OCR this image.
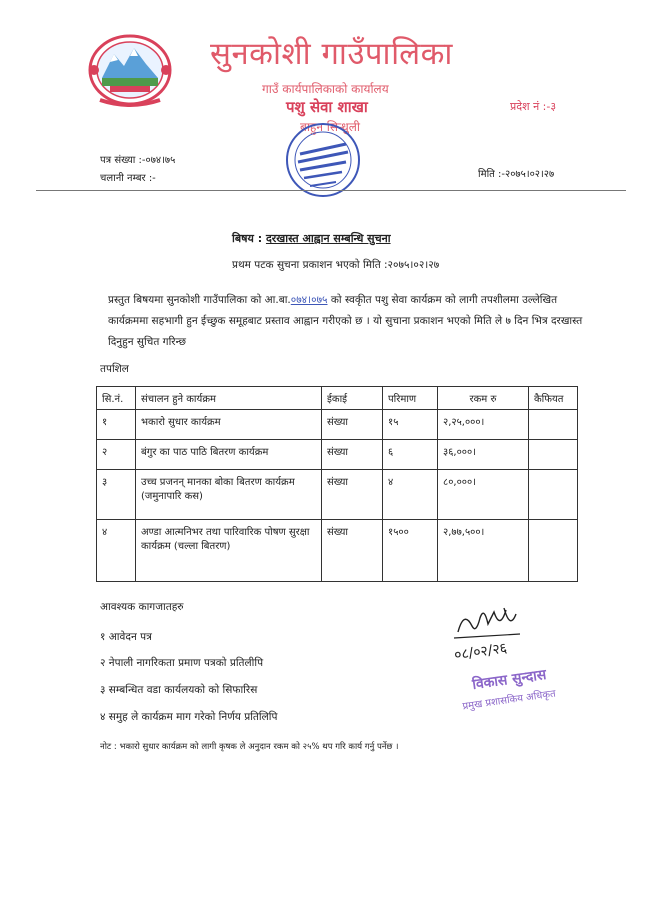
सुनकोशी गाउँपालिका
गाउँ कार्यपालिकाको कार्यालय
पशु सेवा शाखा
बाहुन सिन्धुली
प्रदेश नं :-३
पत्र संख्या :-०७४।७५
चलानी नम्बर :-	मिति :-२०७५।०२।२७
बिषय : दरखास्त आह्वान सम्बन्धि सुचना
प्रथम पटक सुचना प्रकाशन भएको मिति :२०७५।०२।२७
प्रस्तुत बिषयमा सुनकोशी गाउँपालिका को आ.बा.०७४।०७५ को स्वकृीत पशु सेवा कार्यक्रम को लागी तपशीलमा उल्लेखित कार्यक्रममा सहभागी हुन ईच्छुक समूहबाट प्रस्ताव आह्वान गरीएको छ । यो सुचाना प्रकाशन भएको मिति ले ७ दिन भित्र दरखास्त दिनुहुन सुचित गरिन्छ
तपशिल
सि.नं.	संचालन हुने कार्यक्रम	ईकाई	परिमाण	रकम रु	कैफियत
१	भकारो सुधार कार्यक्रम	संख्या	१५	२,२५,०००।	
२	बंगुर का पाठ पाठि बितरण कार्यक्रम	संख्या	६	३६,०००।	
३	उच्च प्रजनन् मानका बोका बितरण कार्यक्रम (जमुनापारि कस)	संख्या	४	८०,०००।	
४	अण्डा आत्मनिभर तथा पारिवारिक पोषण सुरक्षा कार्यक्रम (चल्ला बितरण)	संख्या	१५००	२,७७,५००।	
आवश्यक कागजातहरु
१ आवेदन पत्र
२ नेपाली नागरिकता प्रमाण पत्रको प्रतिलीपि
३ सम्बन्धित वडा कार्यलयको को सिफारिस
४ समुह ले कार्यक्रम माग गरेको निर्णय प्रतिलिपि
नोट : भकारो सुधार कार्यक्रम को लागी कृषक ले अनुदान रकम को २५% थप गरि कार्य गर्नु पर्नेछ ।
०८/०२/२६
विकास सुन्दास
प्रमुख प्रशासकिय अधिकृत
